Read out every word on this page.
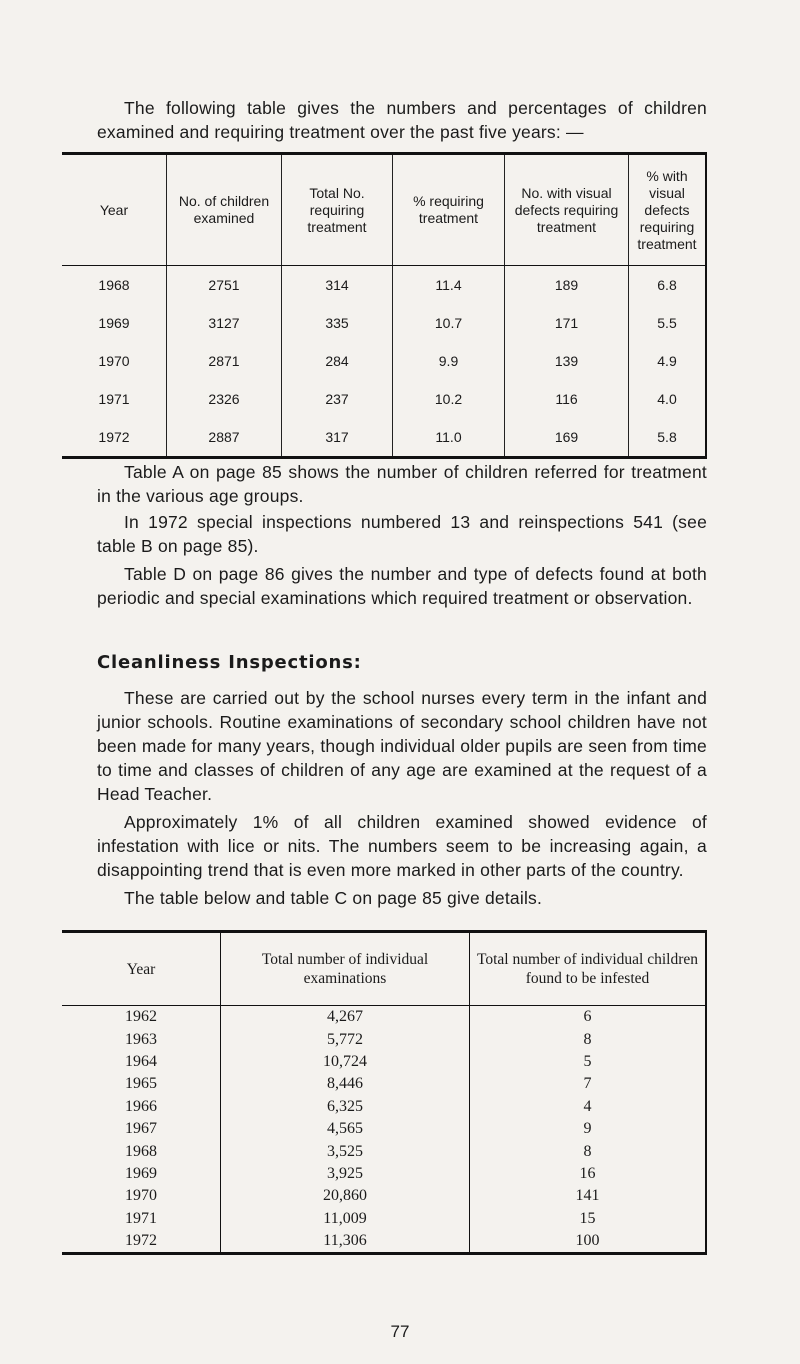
The following table gives the numbers and percentages of children examined and requiring treatment over the past five years: —

Year	No. of children examined	Total No. requiring treatment	% requiring treatment	No. with visual defects requiring treatment	% with visual defects requiring treatment
1968	2751	314	11.4	189	6.8
1969	3127	335	10.7	171	5.5
1970	2871	284	9.9	139	4.9
1971	2326	237	10.2	116	4.0
1972	2887	317	11.0	169	5.8

Table A on page 85 shows the number of children referred for treatment in the various age groups.

In 1972 special inspections numbered 13 and reinspections 541 (see table B on page 85).

Table D on page 86 gives the number and type of defects found at both periodic and special examinations which required treatment or observation.

Cleanliness Inspections:

These are carried out by the school nurses every term in the infant and junior schools. Routine examinations of secondary school children have not been made for many years, though individual older pupils are seen from time to time and classes of children of any age are examined at the request of a Head Teacher.

Year	Total number of individual examinations	Total number of individual children found to be infested
1962	4,267	6
1963	5,772	8
1964	10,724	5
1965	8,446	7
1966	6,325	4
1967	4,565	9
1968	3,525	8
1969	3,925	16
1970	20,860	141
1971	11,009	15
1972	11,306	100
77

Approximately 1% of all children examined showed evidence of infestation with lice or nits. The numbers seem to be increasing again, a disappointing trend that is even more marked in other parts of the country.

The table below and table C on page 85 give details.
